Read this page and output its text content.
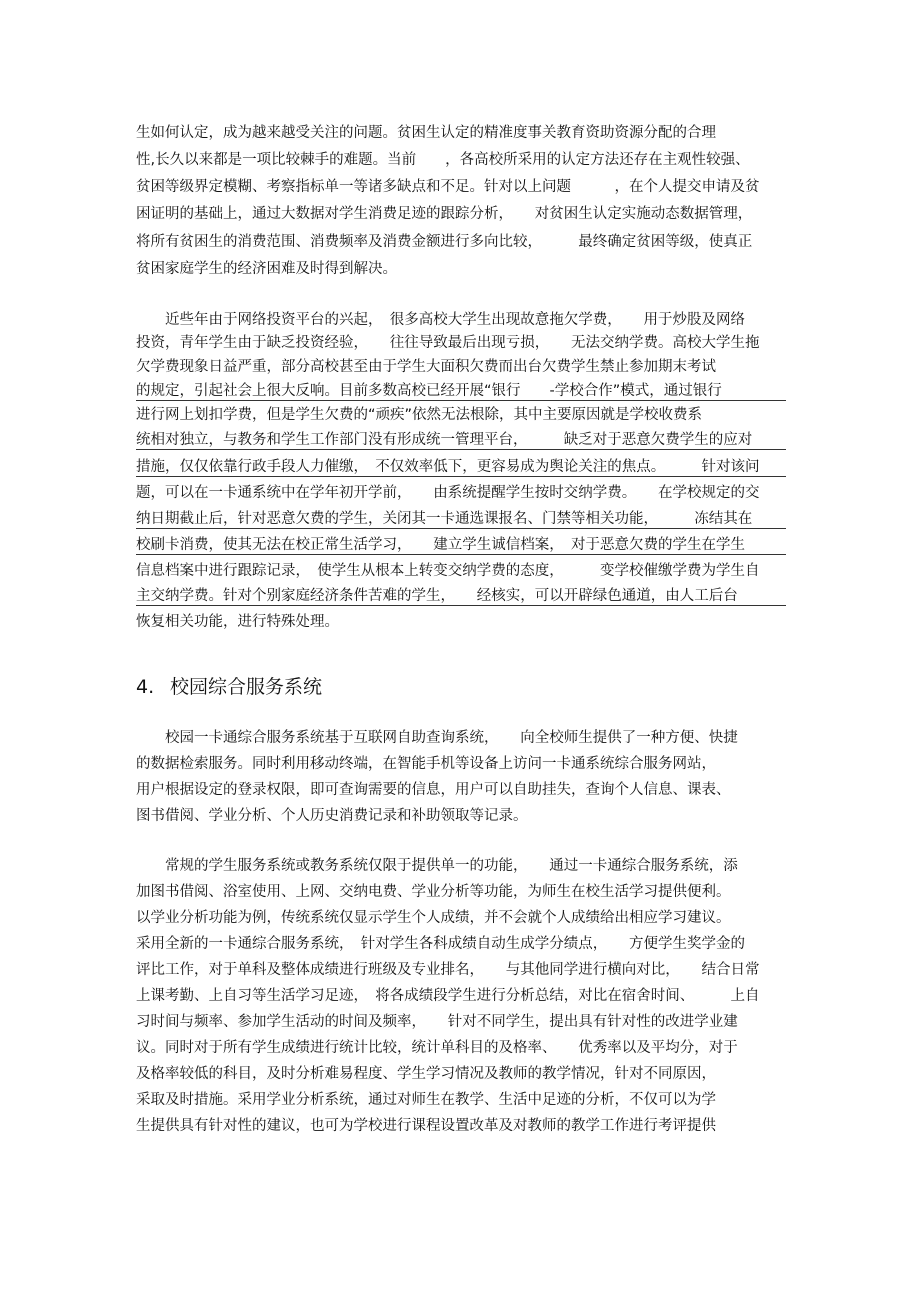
生如何认定，成为越来越受关注的问题。贫困生认定的精准度事关教育资助资源分配的合理
性,长久以来都是一项比较棘手的难题。当前　　，各高校所采用的认定方法还存在主观性较强、
贫困等级界定模糊、考察指标单一等诸多缺点和不足。针对以上问题　　　，在个人提交申请及贫
困证明的基础上，通过大数据对学生消费足迹的跟踪分析，　　对贫困生认定实施动态数据管理，
将所有贫困生的消费范围、消费频率及消费金额进行多向比较，　　　最终确定贫困等级，使真正
贫困家庭学生的经济困难及时得到解决。
　　近些年由于网络投资平台的兴起，　很多高校大学生出现故意拖欠学费，　　用于炒股及网络
投资，青年学生由于缺乏投资经验，　　往往导致最后出现亏损，　　无法交纳学费。高校大学生拖
欠学费现象日益严重，部分高校甚至由于学生大面积欠费而出台欠费学生禁止参加期末考试
的规定，引起社会上很大反响。目前多数高校已经开展“银行　　-学校合作”模式，通过银行
进行网上划扣学费，但是学生欠费的“顽疾”依然无法根除，其中主要原因就是学校收费系
统相对独立，与教务和学生工作部门没有形成统一管理平台，　　　缺乏对于恶意欠费学生的应对
措施，仅仅依靠行政手段人力催缴，　不仅效率低下，更容易成为舆论关注的焦点。　　　针对该问
题，可以在一卡通系统中在学年初开学前，　　由系统提醒学生按时交纳学费。　　在学校规定的交
纳日期截止后，针对恶意欠费的学生，关闭其一卡通选课报名、门禁等相关功能，　　　冻结其在
校刷卡消费，使其无法在校正常生活学习，　　建立学生诚信档案，　对于恶意欠费的学生在学生
信息档案中进行跟踪记录，　使学生从根本上转变交纳学费的态度，　　　变学校催缴学费为学生自
主交纳学费。针对个别家庭经济条件苦难的学生，　　经核实，可以开辟绿色通道，由人工后台
恢复相关功能，进行特殊处理。
4. 校园综合服务系统
　　校园一卡通综合服务系统基于互联网自助查询系统，　　向全校师生提供了一种方便、快捷
的数据检索服务。同时利用移动终端，在智能手机等设备上访问一卡通系统综合服务网站，
用户根据设定的登录权限，即可查询需要的信息，用户可以自助挂失，查询个人信息、课表、
图书借阅、学业分析、个人历史消费记录和补助领取等记录。
　　常规的学生服务系统或教务系统仅限于提供单一的功能，　　通过一卡通综合服务系统，添
加图书借阅、浴室使用、上网、交纳电费、学业分析等功能，为师生在校生活学习提供便利。
以学业分析功能为例，传统系统仅显示学生个人成绩，并不会就个人成绩给出相应学习建议。
采用全新的一卡通综合服务系统，　针对学生各科成绩自动生成学分绩点，　　方便学生奖学金的
评比工作，对于单科及整体成绩进行班级及专业排名，　　与其他同学进行横向对比，　　结合日常
上课考勤、上自习等生活学习足迹，　将各成绩段学生进行分析总结，对比在宿舍时间、　　　上自
习时间与频率、参加学生活动的时间及频率，　　针对不同学生，提出具有针对性的改进学业建
议。同时对于所有学生成绩进行统计比较，统计单科目的及格率、　　优秀率以及平均分，对于
及格率较低的科目，及时分析难易程度、学生学习情况及教师的教学情况，针对不同原因，
采取及时措施。采用学业分析系统，通过对师生在教学、生活中足迹的分析，不仅可以为学
生提供具有针对性的建议，也可为学校进行课程设置改革及对教师的教学工作进行考评提供
